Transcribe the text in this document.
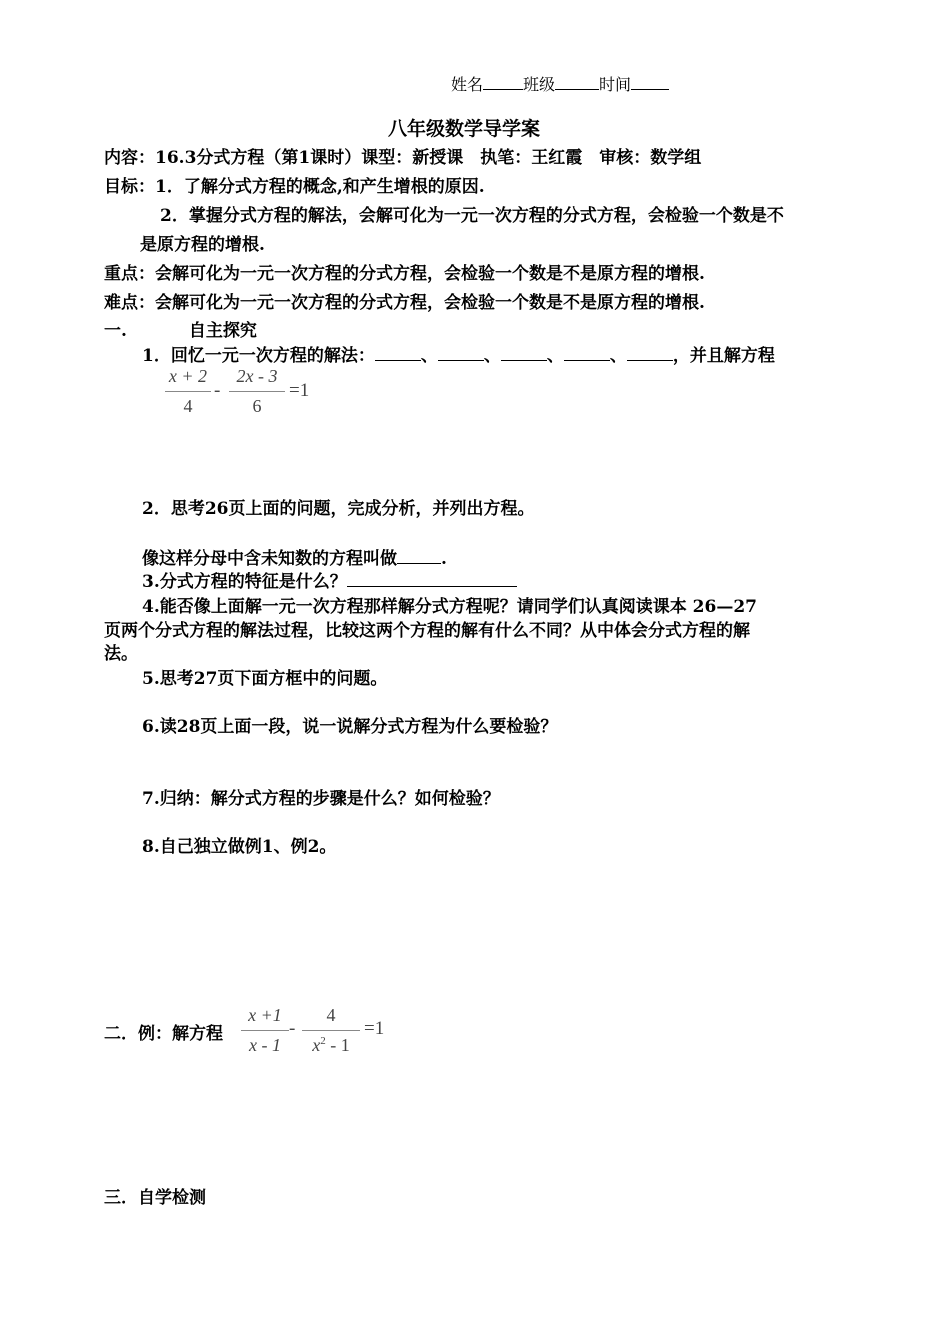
姓名	班级	时间
八年级数学导学案
内容：16.3分式方程（第1课时）课型：新授课　执笔：王红霞　审核：数学组
目标：1．了解分式方程的概念,和产生增根的原因.
2．掌握分式方程的解法，会解可化为一元一次方程的分式方程，会检验一个数是不
是原方程的增根.
重点：会解可化为一元一次方程的分式方程，会检验一个数是不是原方程的增根.
难点：会解可化为一元一次方程的分式方程，会检验一个数是不是原方程的增根.
一.	自主探究
1．回忆一元一次方程的解法：	、	、	、	、	，并且解方程
x + 2
4
-
2x - 3
6
=1
2．思考26页上面的问题，完成分析，并列出方程。
像这样分母中含未知数的方程叫做	.
3.分式方程的特征是什么？
4.能否像上面解一元一次方程那样解分式方程呢？请同学们认真阅读课本 26—27
页两个分式方程的解法过程，比较这两个方程的解有什么不同？从中体会分式方程的解
法。
5.思考27页下面方框中的问题。
6.读28页上面一段，说一说解分式方程为什么要检验？
7.归纳：解分式方程的步骤是什么？如何检验？
8.自己独立做例1、例2。
二．例：解方程
x +1
x - 1
-
4
$x^2 - 1$
=1
三．自学检测
